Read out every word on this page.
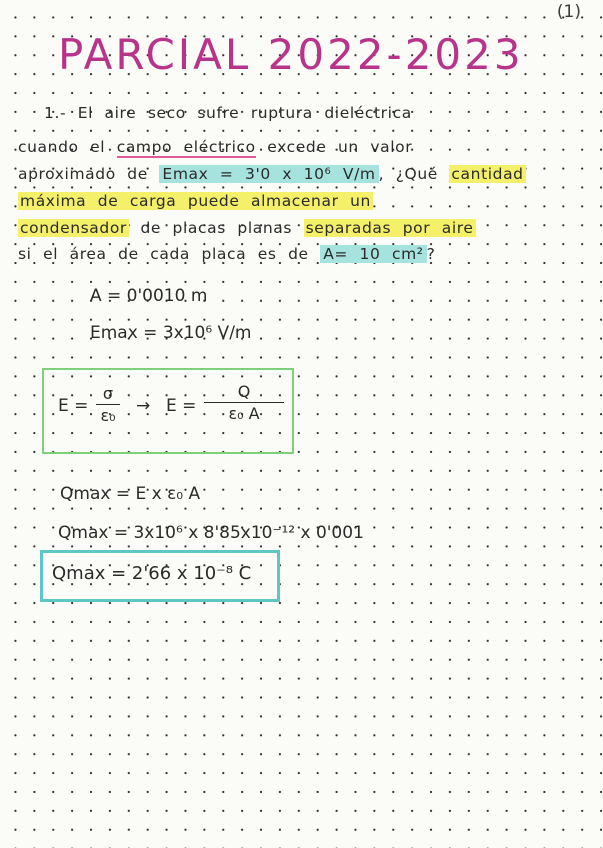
(1)
PARCIAL 2022-2023
1.- El aire seco sufre ruptura dieléctrica
cuando el campo eléctrico excede un valor
aproximado de Emax = 3'0 x 10⁶ V/m , ¿Qué cantidad
máxima de carga puede almacenar un
condensador de placas planas separadas por aire
si el área de cada placa es de A= 10 cm² ?
A = 0'0010 m
Emax = 3x10⁶ V/m
E =
σ
ε₀ → E =
Q
ε₀ A
Qmax = E x ε₀ A
Qmax = 3x10⁶ x 8'85x10⁻¹² x 0'001
Qmax = 2'66 x 10⁻⁸ C
